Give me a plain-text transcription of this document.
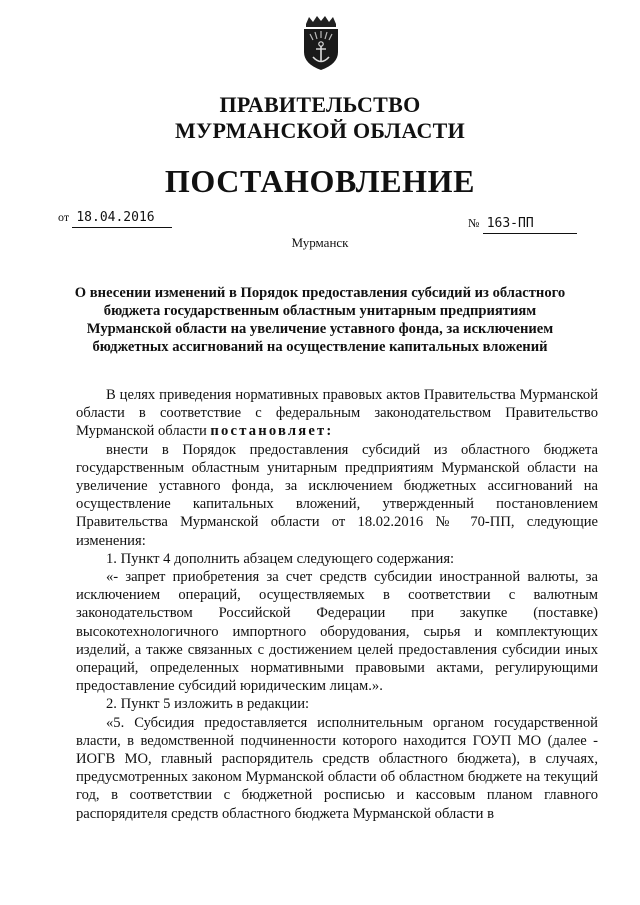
ПРАВИТЕЛЬСТВО
МУРМАНСКОЙ ОБЛАСТИ
ПОСТАНОВЛЕНИЕ
от 18.04.2016	№ 163-ПП
Мурманск
О внесении изменений в Порядок предоставления субсидий из областного бюджета государственным областным унитарным предприятиям Мурманской области на увеличение уставного фонда, за исключением бюджетных ассигнований на осуществление капитальных вложений

В целях приведения нормативных правовых актов Правительства Мурманской области в соответствие с федеральным законодательством Правительство Мурманской области постановляет:

внести в Порядок предоставления субсидий из областного бюджета государственным областным унитарным предприятиям Мурманской области на увеличение уставного фонда, за исключением бюджетных ассигнований на осуществление капитальных вложений, утвержденный постановлением Правительства Мурманской области от 18.02.2016 № 70-ПП, следующие изменения:

1. Пункт 4 дополнить абзацем следующего содержания:

«- запрет приобретения за счет средств субсидии иностранной валюты, за исключением операций, осуществляемых в соответствии с валютным законодательством Российской Федерации при закупке (поставке) высокотехнологичного импортного оборудования, сырья и комплектующих изделий, а также связанных с достижением целей предоставления субсидии иных операций, определенных нормативными правовыми актами, регулирующими предоставление субсидий юридическим лицам.».

2. Пункт 5 изложить в редакции:

«5. Субсидия предоставляется исполнительным органом государственной власти, в ведомственной подчиненности которого находится ГОУП МО (далее - ИОГВ МО, главный распорядитель средств областного бюджета), в случаях, предусмотренных законом Мурманской области об областном бюджете на текущий год, в соответствии с бюджетной росписью и кассовым планом главного распорядителя средств областного бюджета Мурманской области в
